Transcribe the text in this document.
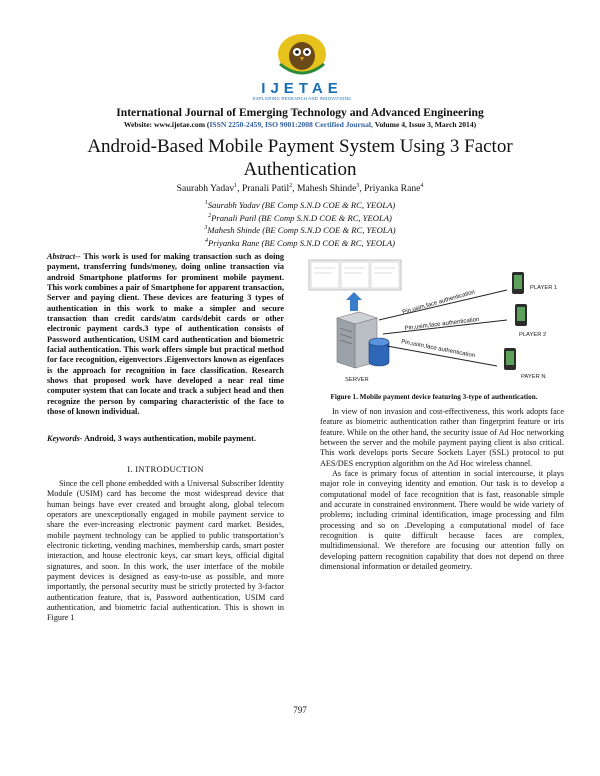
IJETAE
EXPLORING RESEARCH AND INNOVATIONS
International Journal of Emerging Technology and Advanced Engineering
Website: www.ijetae.com (ISSN 2250-2459, ISO 9001:2008 Certified Journal, Volume 4, Issue 3, March 2014)
Android-Based Mobile Payment System Using 3 Factor Authentication
Saurabh Yadav$^1$, Pranali Patil$^2$, Mahesh Shinde$^3$, Priyanka Rane$^4$
$^1$Saurabh Yadav (BE Comp S.N.D COE & RC, YEOLA)
$^2$Pranali Patil (BE Comp S.N.D COE & RC, YEOLA)
$^3$Mahesh Shinde (BE Comp S.N.D COE & RC, YEOLA)
$^4$Priyanka Rane (BE Comp S.N.D COE & RC, YEOLA)
Abstract-- This work is used for making transaction such as doing payment, transferring funds/money, doing online transaction via android Smartphone platforms for prominent mobile payment. This work combines a pair of Smartphone for apparent transaction, Server and paying client. These devices are featuring 3 types of authentication in this work to make a simpler and secure transaction than credit cards/atm cards/debit cards or other electronic payment cards.3 type of authentication consists of Password authentication, USIM card authentication and biometric facial authentication. This work offers simple but practical method for face recognition, eigenvectors .Eigenvectors known as eigenfaces is the approach for recognition in face classification. Research shows that proposed work have developed a near real time computer system that can locate and track a subject head and then recognize the person by comparing characteristic of the face to those of known individual.
Keywords- Android, 3 ways authentication, mobile payment.
I. INTRODUCTION

Since the cell phone embedded with a Universal Subscriber Identity Module (USIM) card has become the most widespread device that human beings have ever created and brought along, global telecom operators are unexceptionally engaged in mobile payment service to share the ever-increasing electronic payment card market. Besides, mobile payment technology can be applied to public transportation’s electronic ticketing, vending machines, membership cards, smart poster interaction, and house electronic keys, car smart keys, official digital signatures, and soon. In this work, the user interface of the mobile payment devices is designed as easy-to-use as possible, and more importantly, the personal security must be strictly protected by 3-factor authentication feature, that is, Password authentication, USIM card authentication, and biometric facial authentication. This is shown in Figure 1

SERVER
Pin,usim,face authentication
Pin,usim,face authentication
Pin,usim,face authentication
PLAYER 1
PLAYER 2
PAYER N
Figure 1. Mobile payment device featuring 3-type of authentication.

In view of non invasion and cost-effectiveness, this work adopts face feature as biometric authentication rather than fingerprint feature or iris feature. While on the other hand, the security issue of Ad Hoc networking between the server and the mobile payment paying client is also critical. This work develops ports Secure Sockets Layer (SSL) protocol to put AES/DES encryption algorithm on the Ad Hoc wireless channel.

As face is primary focus of attention in social intercourse, it plays major role in conveying identity and emotion. Our task is to develop a computational model of face recognition that is fast, reasonable simple and accurate in constrained environment. There would be wide variety of problems; including criminal identification, image processing and film processing and so on .Developing a computational model of face recognition is quite difficult because faces are complex, multidimensional. We therefore are focusing our attention fully on developing pattern recognition capability that does not depend on three dimensional information or detailed geometry.

797
